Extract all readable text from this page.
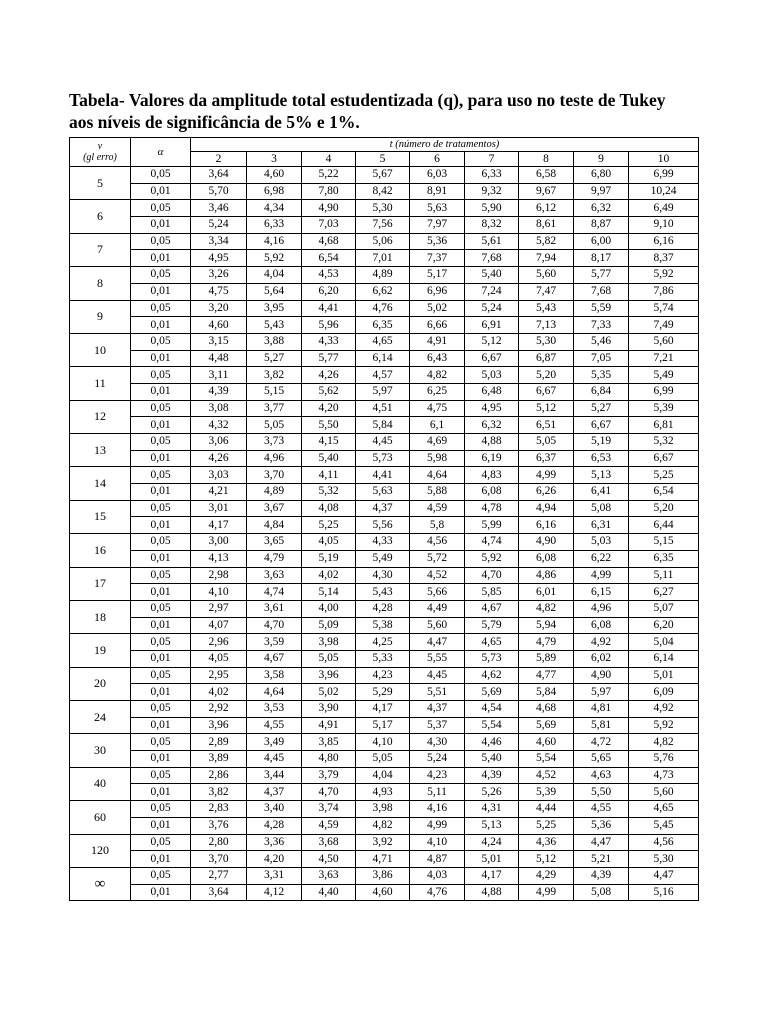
Tabela- Valores da amplitude total estudentizada (q), para uso no teste de Tukey
aos níveis de significância de 5% e 1%.
v
(gl erro)	α	t (número de tratamentos)								
		2	3	4	5	6	7	8	9	10
5	0,05	3,64	4,60	5,22	5,67	6,03	6,33	6,58	6,80	6,99
	0,01	5,70	6,98	7,80	8,42	8,91	9,32	9,67	9,97	10,24
6	0,05	3,46	4,34	4,90	5,30	5,63	5,90	6,12	6,32	6,49
	0,01	5,24	6,33	7,03	7,56	7,97	8,32	8,61	8,87	9,10
7	0,05	3,34	4,16	4,68	5,06	5,36	5,61	5,82	6,00	6,16
	0,01	4,95	5,92	6,54	7,01	7,37	7,68	7,94	8,17	8,37
8	0,05	3,26	4,04	4,53	4,89	5,17	5,40	5,60	5,77	5,92
	0,01	4,75	5,64	6,20	6,62	6,96	7,24	7,47	7,68	7,86
9	0,05	3,20	3,95	4,41	4,76	5,02	5,24	5,43	5,59	5,74
	0,01	4,60	5,43	5,96	6,35	6,66	6,91	7,13	7,33	7,49
10	0,05	3,15	3,88	4,33	4,65	4,91	5,12	5,30	5,46	5,60
	0,01	4,48	5,27	5,77	6,14	6,43	6,67	6,87	7,05	7,21
11	0,05	3,11	3,82	4,26	4,57	4,82	5,03	5,20	5,35	5,49
	0,01	4,39	5,15	5,62	5,97	6,25	6,48	6,67	6,84	6,99
12	0,05	3,08	3,77	4,20	4,51	4,75	4,95	5,12	5,27	5,39
	0,01	4,32	5,05	5,50	5,84	6,1	6,32	6,51	6,67	6,81
13	0,05	3,06	3,73	4,15	4,45	4,69	4,88	5,05	5,19	5,32
	0,01	4,26	4,96	5,40	5,73	5,98	6,19	6,37	6,53	6,67
14	0,05	3,03	3,70	4,11	4,41	4,64	4,83	4,99	5,13	5,25
	0,01	4,21	4,89	5,32	5,63	5,88	6,08	6,26	6,41	6,54
15	0,05	3,01	3,67	4,08	4,37	4,59	4,78	4,94	5,08	5,20
	0,01	4,17	4,84	5,25	5,56	5,8	5,99	6,16	6,31	6,44
16	0,05	3,00	3,65	4,05	4,33	4,56	4,74	4,90	5,03	5,15
	0,01	4,13	4,79	5,19	5,49	5,72	5,92	6,08	6,22	6,35
17	0,05	2,98	3,63	4,02	4,30	4,52	4,70	4,86	4,99	5,11
	0,01	4,10	4,74	5,14	5,43	5,66	5,85	6,01	6,15	6,27
18	0,05	2,97	3,61	4,00	4,28	4,49	4,67	4,82	4,96	5,07
	0,01	4,07	4,70	5,09	5,38	5,60	5,79	5,94	6,08	6,20
19	0,05	2,96	3,59	3,98	4,25	4,47	4,65	4,79	4,92	5,04
	0,01	4,05	4,67	5,05	5,33	5,55	5,73	5,89	6,02	6,14
20	0,05	2,95	3,58	3,96	4,23	4,45	4,62	4,77	4,90	5,01
	0,01	4,02	4,64	5,02	5,29	5,51	5,69	5,84	5,97	6,09
24	0,05	2,92	3,53	3,90	4,17	4,37	4,54	4,68	4,81	4,92
	0,01	3,96	4,55	4,91	5,17	5,37	5,54	5,69	5,81	5,92
30	0,05	2,89	3,49	3,85	4,10	4,30	4,46	4,60	4,72	4,82
	0,01	3,89	4,45	4,80	5,05	5,24	5,40	5,54	5,65	5,76
40	0,05	2,86	3,44	3,79	4,04	4,23	4,39	4,52	4,63	4,73
	0,01	3,82	4,37	4,70	4,93	5,11	5,26	5,39	5,50	5,60
60	0,05	2,83	3,40	3,74	3,98	4,16	4,31	4,44	4,55	4,65
	0,01	3,76	4,28	4,59	4,82	4,99	5,13	5,25	5,36	5,45
120	0,05	2,80	3,36	3,68	3,92	4,10	4,24	4,36	4,47	4,56
	0,01	3,70	4,20	4,50	4,71	4,87	5,01	5,12	5,21	5,30
∞	0,05	2,77	3,31	3,63	3,86	4,03	4,17	4,29	4,39	4,47
	0,01	3,64	4,12	4,40	4,60	4,76	4,88	4,99	5,08	5,16
